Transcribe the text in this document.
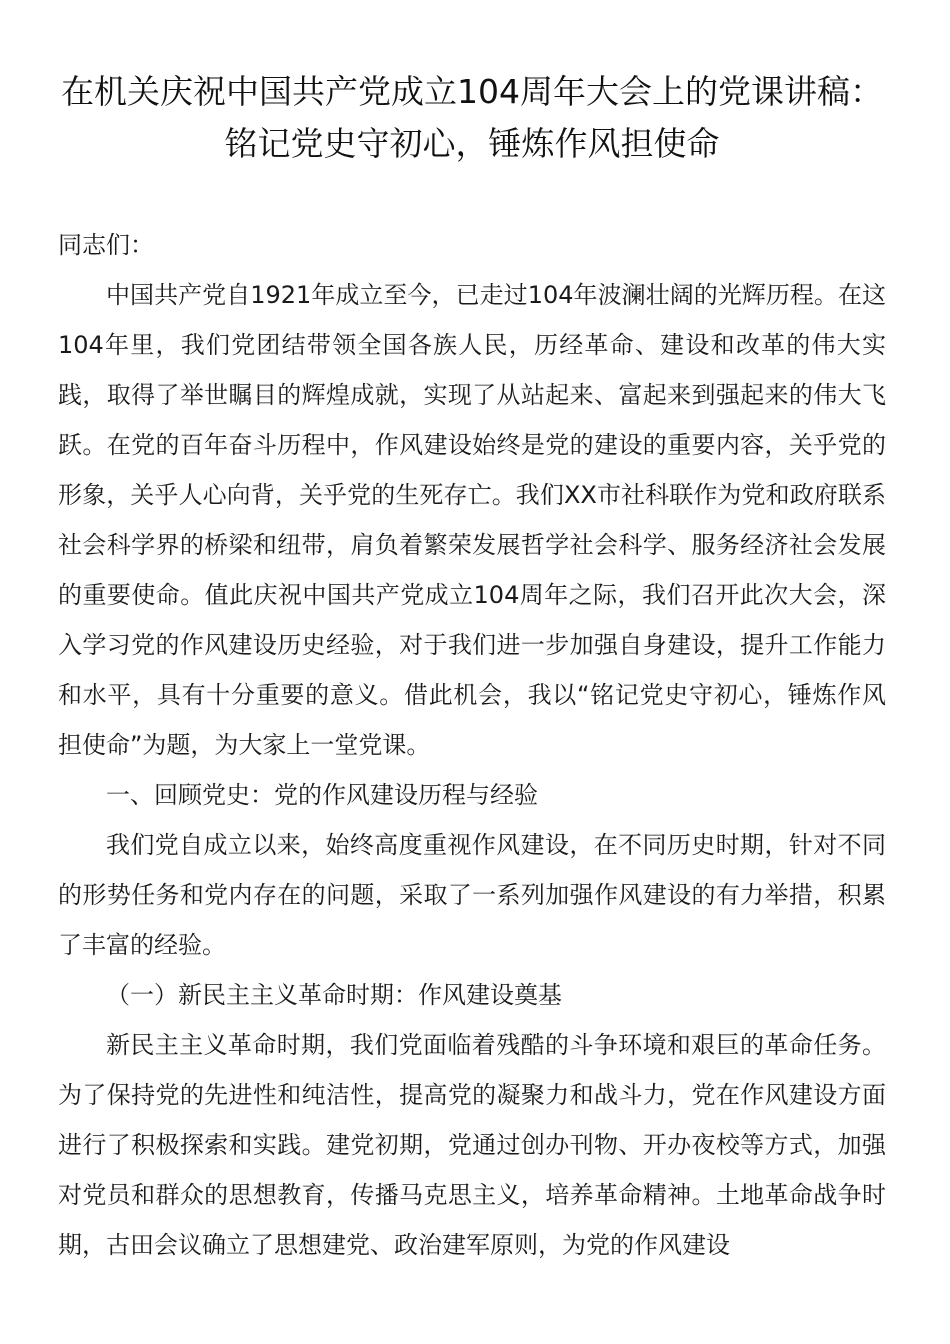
在机关庆祝中国共产党成立104周年大会上的党课讲稿：铭记党史守初心，锤炼作风担使命

同志们：

中国共产党自1921年成立至今，已走过104年波澜壮阔的光辉历程。在这104年里，我们党团结带领全国各族人民，历经革命、建设和改革的伟大实践，取得了举世瞩目的辉煌成就，实现了从站起来、富起来到强起来的伟大飞跃。在党的百年奋斗历程中，作风建设始终是党的建设的重要内容，关乎党的形象，关乎人心向背，关乎党的生死存亡。我们XX市社科联作为党和政府联系社会科学界的桥梁和纽带，肩负着繁荣发展哲学社会科学、服务经济社会发展的重要使命。值此庆祝中国共产党成立104周年之际，我们召开此次大会，深入学习党的作风建设历史经验，对于我们进一步加强自身建设，提升工作能力和水平，具有十分重要的意义。借此机会，我以“铭记党史守初心，锤炼作风担使命”为题，为大家上一堂党课。

一、回顾党史：党的作风建设历程与经验

我们党自成立以来，始终高度重视作风建设，在不同历史时期，针对不同的形势任务和党内存在的问题，采取了一系列加强作风建设的有力举措，积累了丰富的经验。

（一）新民主主义革命时期：作风建设奠基

新民主主义革命时期，我们党面临着残酷的斗争环境和艰巨的革命任务。为了保持党的先进性和纯洁性，提高党的凝聚力和战斗力，党在作风建设方面进行了积极探索和实践。建党初期，党通过创办刊物、开办夜校等方式，加强对党员和群众的思想教育，传播马克思主义，培养革命精神。土地革命战争时期，古田会议确立了思想建党、政治建军原则，为党的作风建设
